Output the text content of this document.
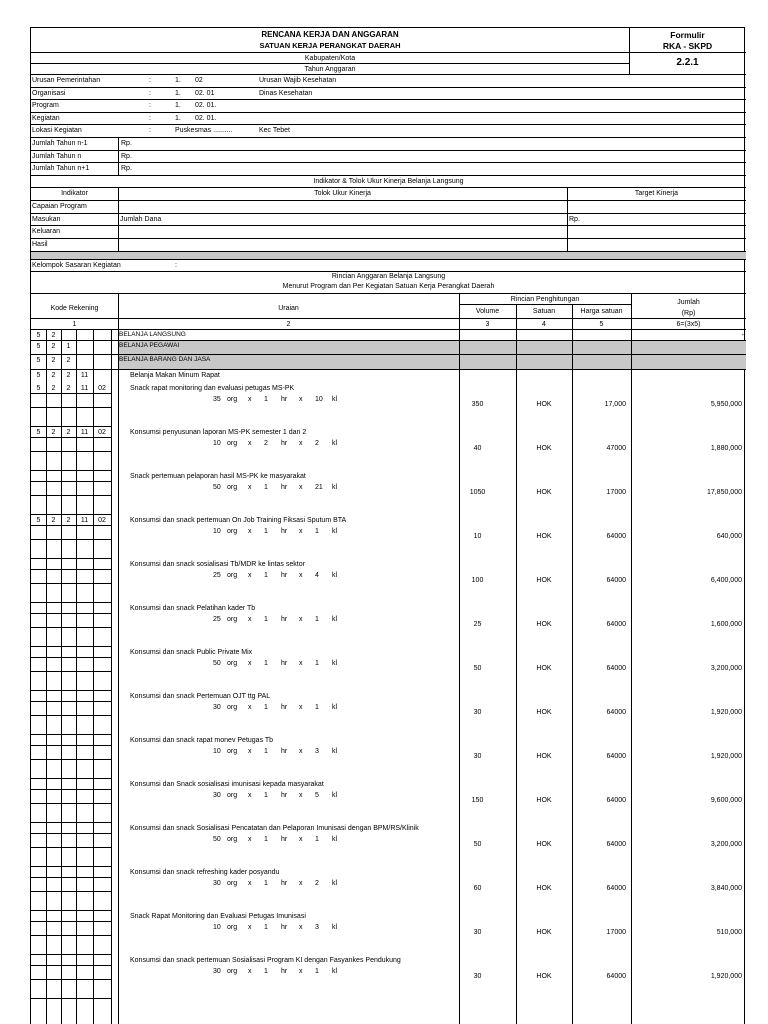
RENCANA KERJA DAN ANGGARAN
SATUAN KERJA PERANGKAT DAERAH
Kabupaten/Kota
Tahun Anggaran
Formulir
RKA - SKPD
2.2.1
Urusan Pemerintahan	:	1. 02	Urusan Wajib Kesehatan
Organisasi	:	1. 02. 01	Dinas Kesehatan
Program	:	1. 02. 01.
Kegiatan	:	1. 02. 01.
Lokasi Kegiatan	:	Puskesmas ..........	Kec Tebet
Jumlah Tahun n-1	Rp.
Jumlah Tahun n	Rp.
Jumlah Tahun n+1	Rp.
Indikator & Tolok Ukur Kinerja Belanja Langsung
Indikator	Tolok Ukur Kinerja	Target Kinerja
Capaian Program
Masukan	Jumlah Dana	Rp.
Keluaran
Hasil
Kelompok Sasaran Kegiatan	:
Rincian Anggaran Belanja Langsung
Menurut Program dan Per Kegiatan Satuan Kerja Perangkat Daerah
Kode Rekening	Uraian
Rincian Penghitungan	Jumlah
(Rp)
Volume	Satuan	Harga satuan
1	2	3	4	5	6=(3x5)
5	2	BELANJA LANGSUNG	-
5	2	1	BELANJA PEGAWAI
5	2	2	BELANJA BARANG DAN JASA
5	2	2	11	Belanja Makan Minum Rapat
5	2	2	11	02	Snack rapat monitoring dan evaluasi petugas MS-PK
35 org x 1 hr x 10 kl
350	HOK	17,000	5,950,000
5	2	2	11	02	Konsumsi penyusunan laporan MS-PK semester 1 dan 2
10 org x 2 hr x 2 kl
40	HOK	47000	1,880,000
Snack pertemuan pelaporan hasil MS-PK ke masyarakat
50 org x 1 hr x 21 kl
1050	HOK	17000	17,850,000
5	2	2	11	02	Konsumsi dan snack pertemuan On Job Training Fiksasi Sputum BTA
10 org x 1 hr x 1 kl
10	HOK	64000	640,000
Konsumsi dan snack sosialisasi Tb/MDR ke lintas sektor
25 org x 1 hr x 4 kl
100	HOK	64000	6,400,000
Konsumsi dan snack Pelatihan kader Tb
25 org x 1 hr x 1 kl
25	HOK	64000	1,600,000
Konsumsi dan snack Public Private Mix
50 org x 1 hr x 1 kl
50	HOK	64000	3,200,000
Konsumsi dan snack Pertemuan OJT ttg PAL
30 org x 1 hr x 1 kl
30	HOK	64000	1,920,000
Konsumsi dan snack rapat monev Petugas Tb
10 org x 1 hr x 3 kl
30	HOK	64000	1,920,000
Konsumsi dan Snack sosialisasi imunisasi kepada masyarakat
30 org x 1 hr x 5 kl
150	HOK	64000	9,600,000
Konsumsi dan snack Sosialisasi Pencatatan dan Pelaporan Imunisasi dengan BPM/RS/Klinik
50 org x 1 hr x 1 kl
50	HOK	64000	3,200,000
Konsumsi dan snack refreshing kader posyandu
30 org x 1 hr x 2 kl
60	HOK	64000	3,840,000
Snack Rapat Monitoring dan Evaluasi Petugas Imunisasi
10 org x 1 hr x 3 kl
30	HOK	17000	510,000
Konsumsi dan snack pertemuan Sosialisasi Program KI dengan Fasyankes Pendukung
30 org x 1 hr x 1 kl
30	HOK	64000	1,920,000
